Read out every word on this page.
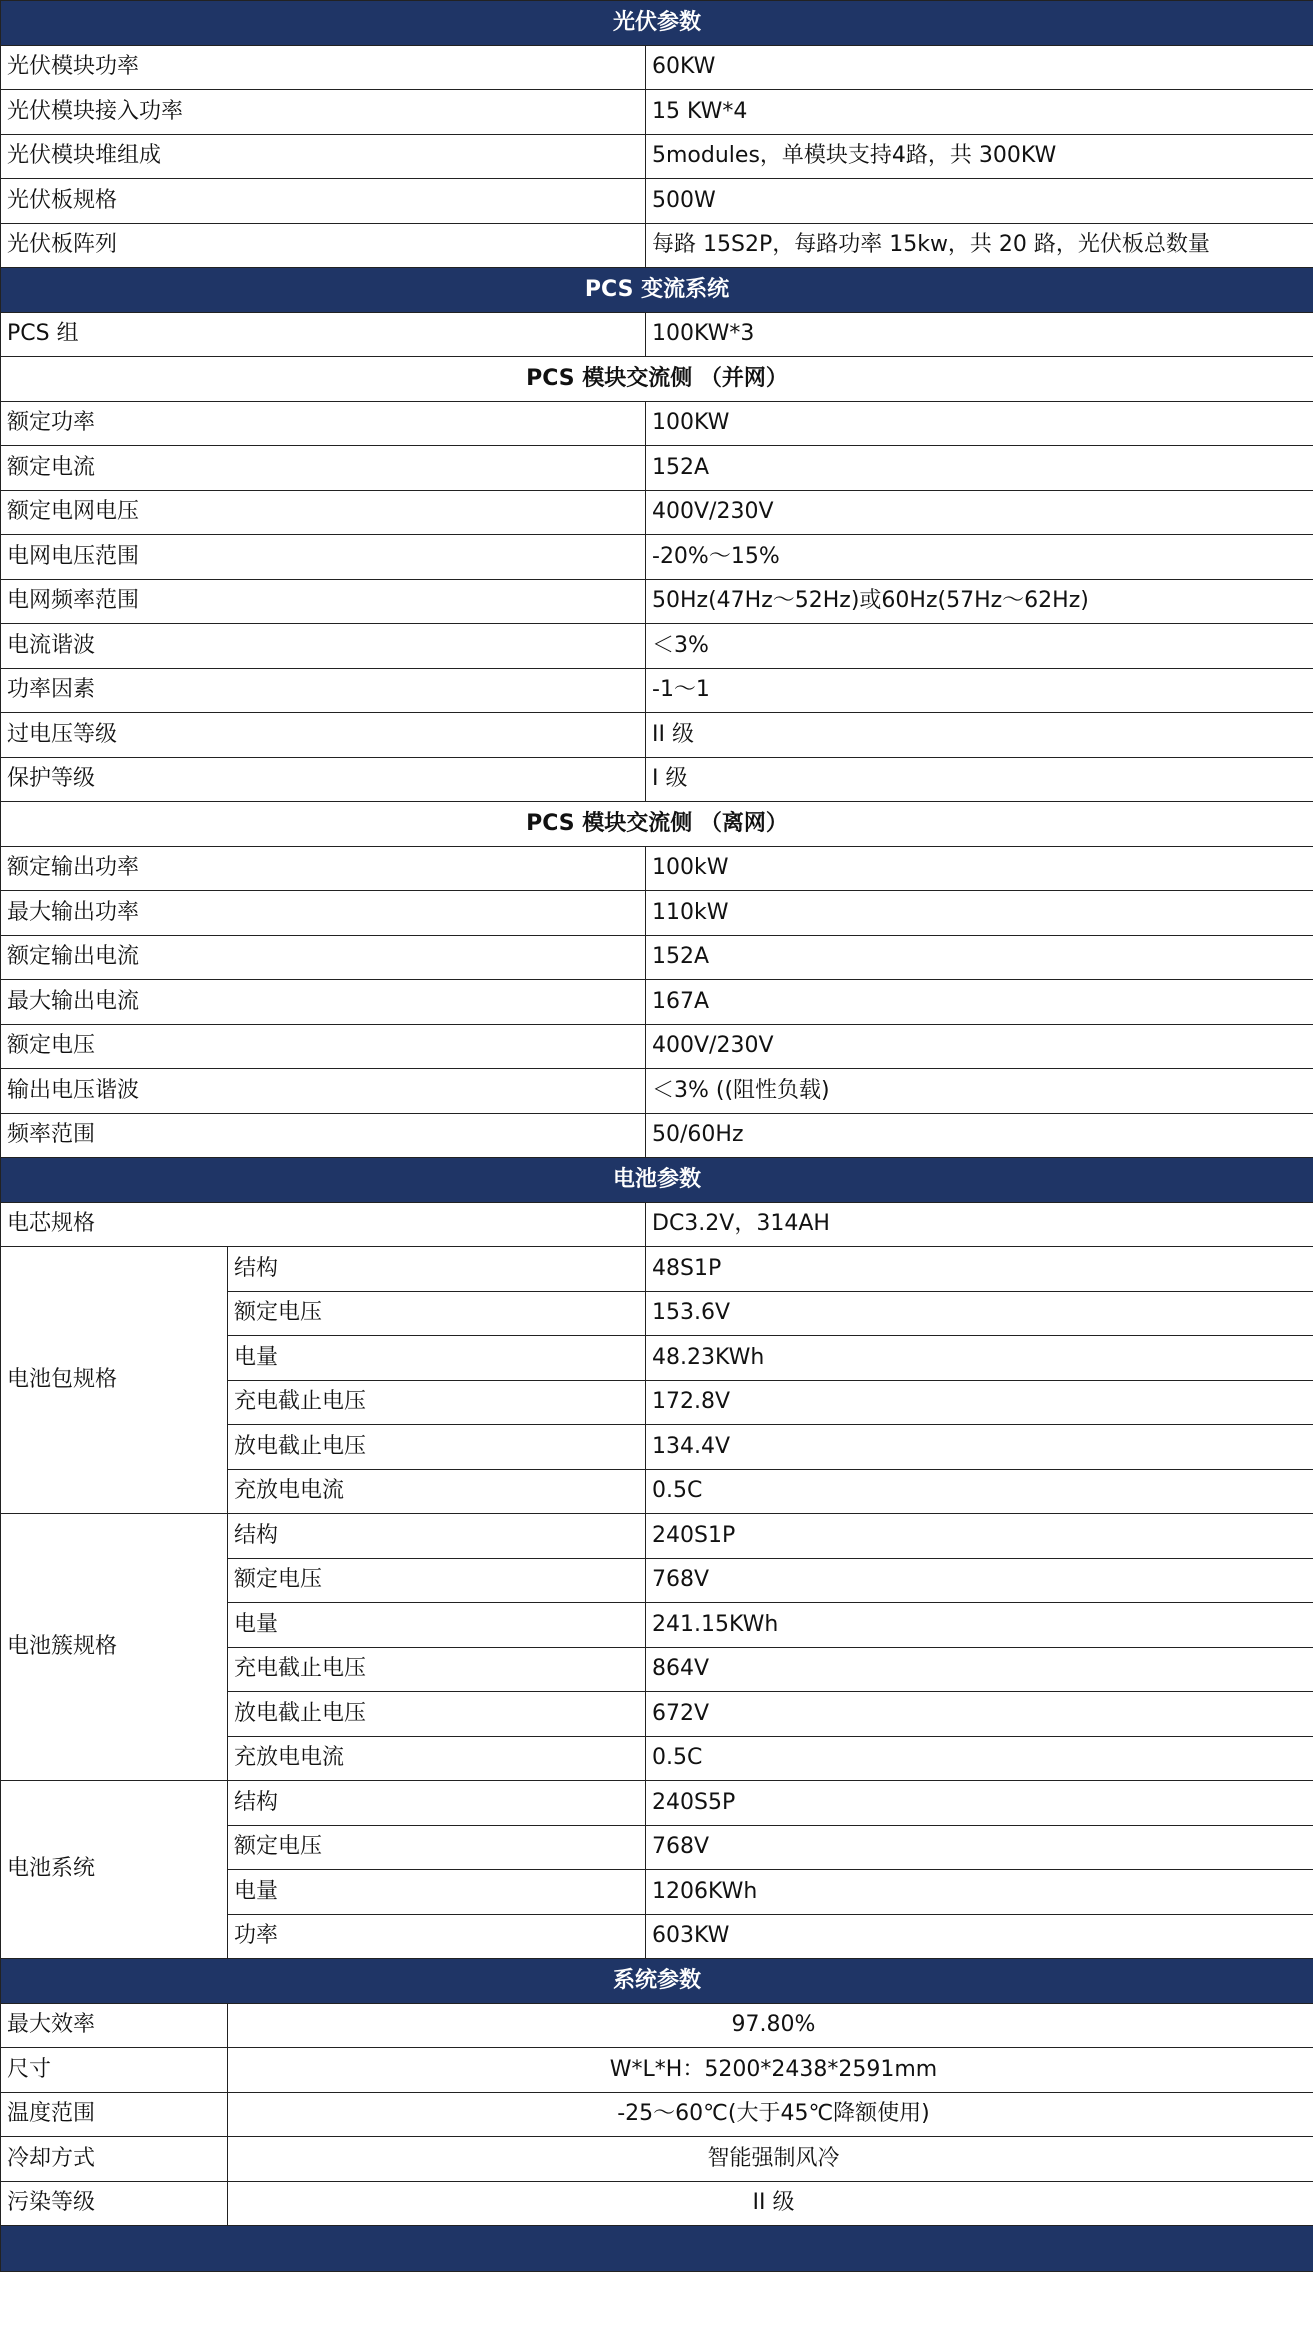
光伏参数		
光伏模块功率		60KW
光伏模块接入功率		15 KW*4
光伏模块堆组成		5modules，单模块支持4路，共 300KW
光伏板规格		500W
光伏板阵列		每路 15S2P，每路功率 15kw，共 20 路，光伏板总数量
PCS 变流系统		
PCS 组		100KW*3
PCS 模块交流侧 （并网）		
额定功率		100KW
额定电流		152A
额定电网电压		400V/230V
电网电压范围		-20%～15%
电网频率范围		50Hz(47Hz～52Hz)或60Hz(57Hz～62Hz)
电流谐波		＜3%
功率因素		-1～1
过电压等级		II 级
保护等级		I 级
PCS 模块交流侧 （离网）		
额定输出功率		100kW
最大输出功率		110kW
额定输出电流		152A
最大输出电流		167A
额定电压		400V/230V
输出电压谐波		＜3% ((阻性负载)
频率范围		50/60Hz
电池参数		
电芯规格		DC3.2V，314AH
电池包规格	结构	48S1P
	额定电压	153.6V
	电量	48.23KWh
	充电截止电压	172.8V
	放电截止电压	134.4V
	充放电电流	0.5C
电池簇规格	结构	240S1P
	额定电压	768V
	电量	241.15KWh
	充电截止电压	864V
	放电截止电压	672V
	充放电电流	0.5C
电池系统	结构	240S5P
	额定电压	768V
	电量	1206KWh
	功率	603KW
系统参数		
最大效率	97.80%	
尺寸	W*L*H：5200*2438*2591mm	
温度范围	-25～60℃(大于45℃降额使用)	
冷却方式	智能强制风冷	
污染等级	II 级	
